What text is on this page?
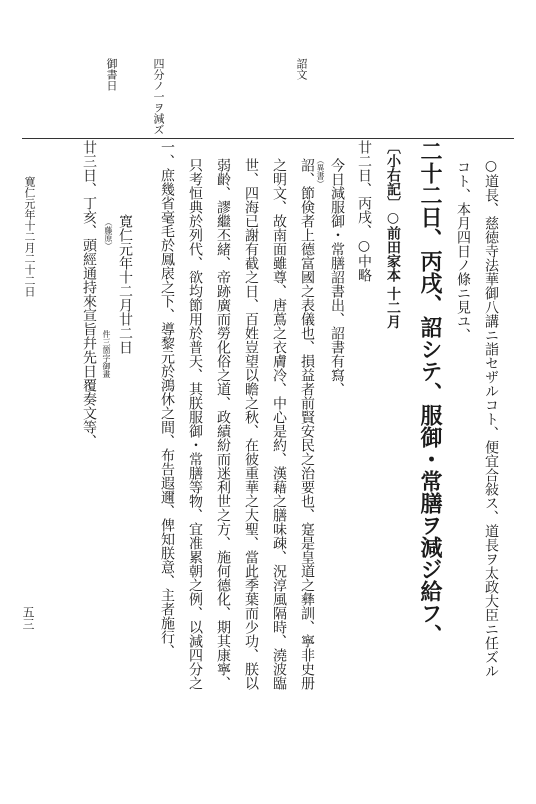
詔文
四分ノ一ヲ減ズ
御書日
○道長、慈徳寺法華御八講ニ詣セザルコト、便宜合敍ス、道長ヲ太政大臣ニ任ズル
コト、本月四日ノ條ニ見ユ、
二十二日、丙戌、詔シテ、服御・常膳ヲ減ジ給フ、
〔小右記〕○前田家本 十二月
廿二日、丙戌、○中略
今日減服御・常膳詔書出、詔書有寫、
（異書）
詔、節倹者上德富國之表儀也、損益者前賢安民之治要也、寔是皇道之彝訓、寧非史册
之明文、故南面雖尊、唐蔦之衣膚冷、中心是約、漢藉之膳味疎、況淳風隔時、澆波臨
世、四海已謝有截之日、百姓豈望以瞻之秋、在彼重華之大聖、當此季葉而少功、朕以
弱齡、謬繼丕緒、帝跡廣而勞化俗之道、政績紛而迷利世之方、施何德化、期其康寧、
只考恒典於列代、欲均節用於普天、其朕服御・常膳等物、宜准累朝之例、以減四分之
一、庶幾省毫毛於鳳扆之下、導黎元於鴻休之間、布告遐邇、俾知朕意、主者施行、
寛仁元年十二月廿二日
件三箇字御畫
（藤原）
廿三日、丁亥、頭經通持來宣旨幷先日覆奏文等、
寛仁元年十二月二十二日
五三
